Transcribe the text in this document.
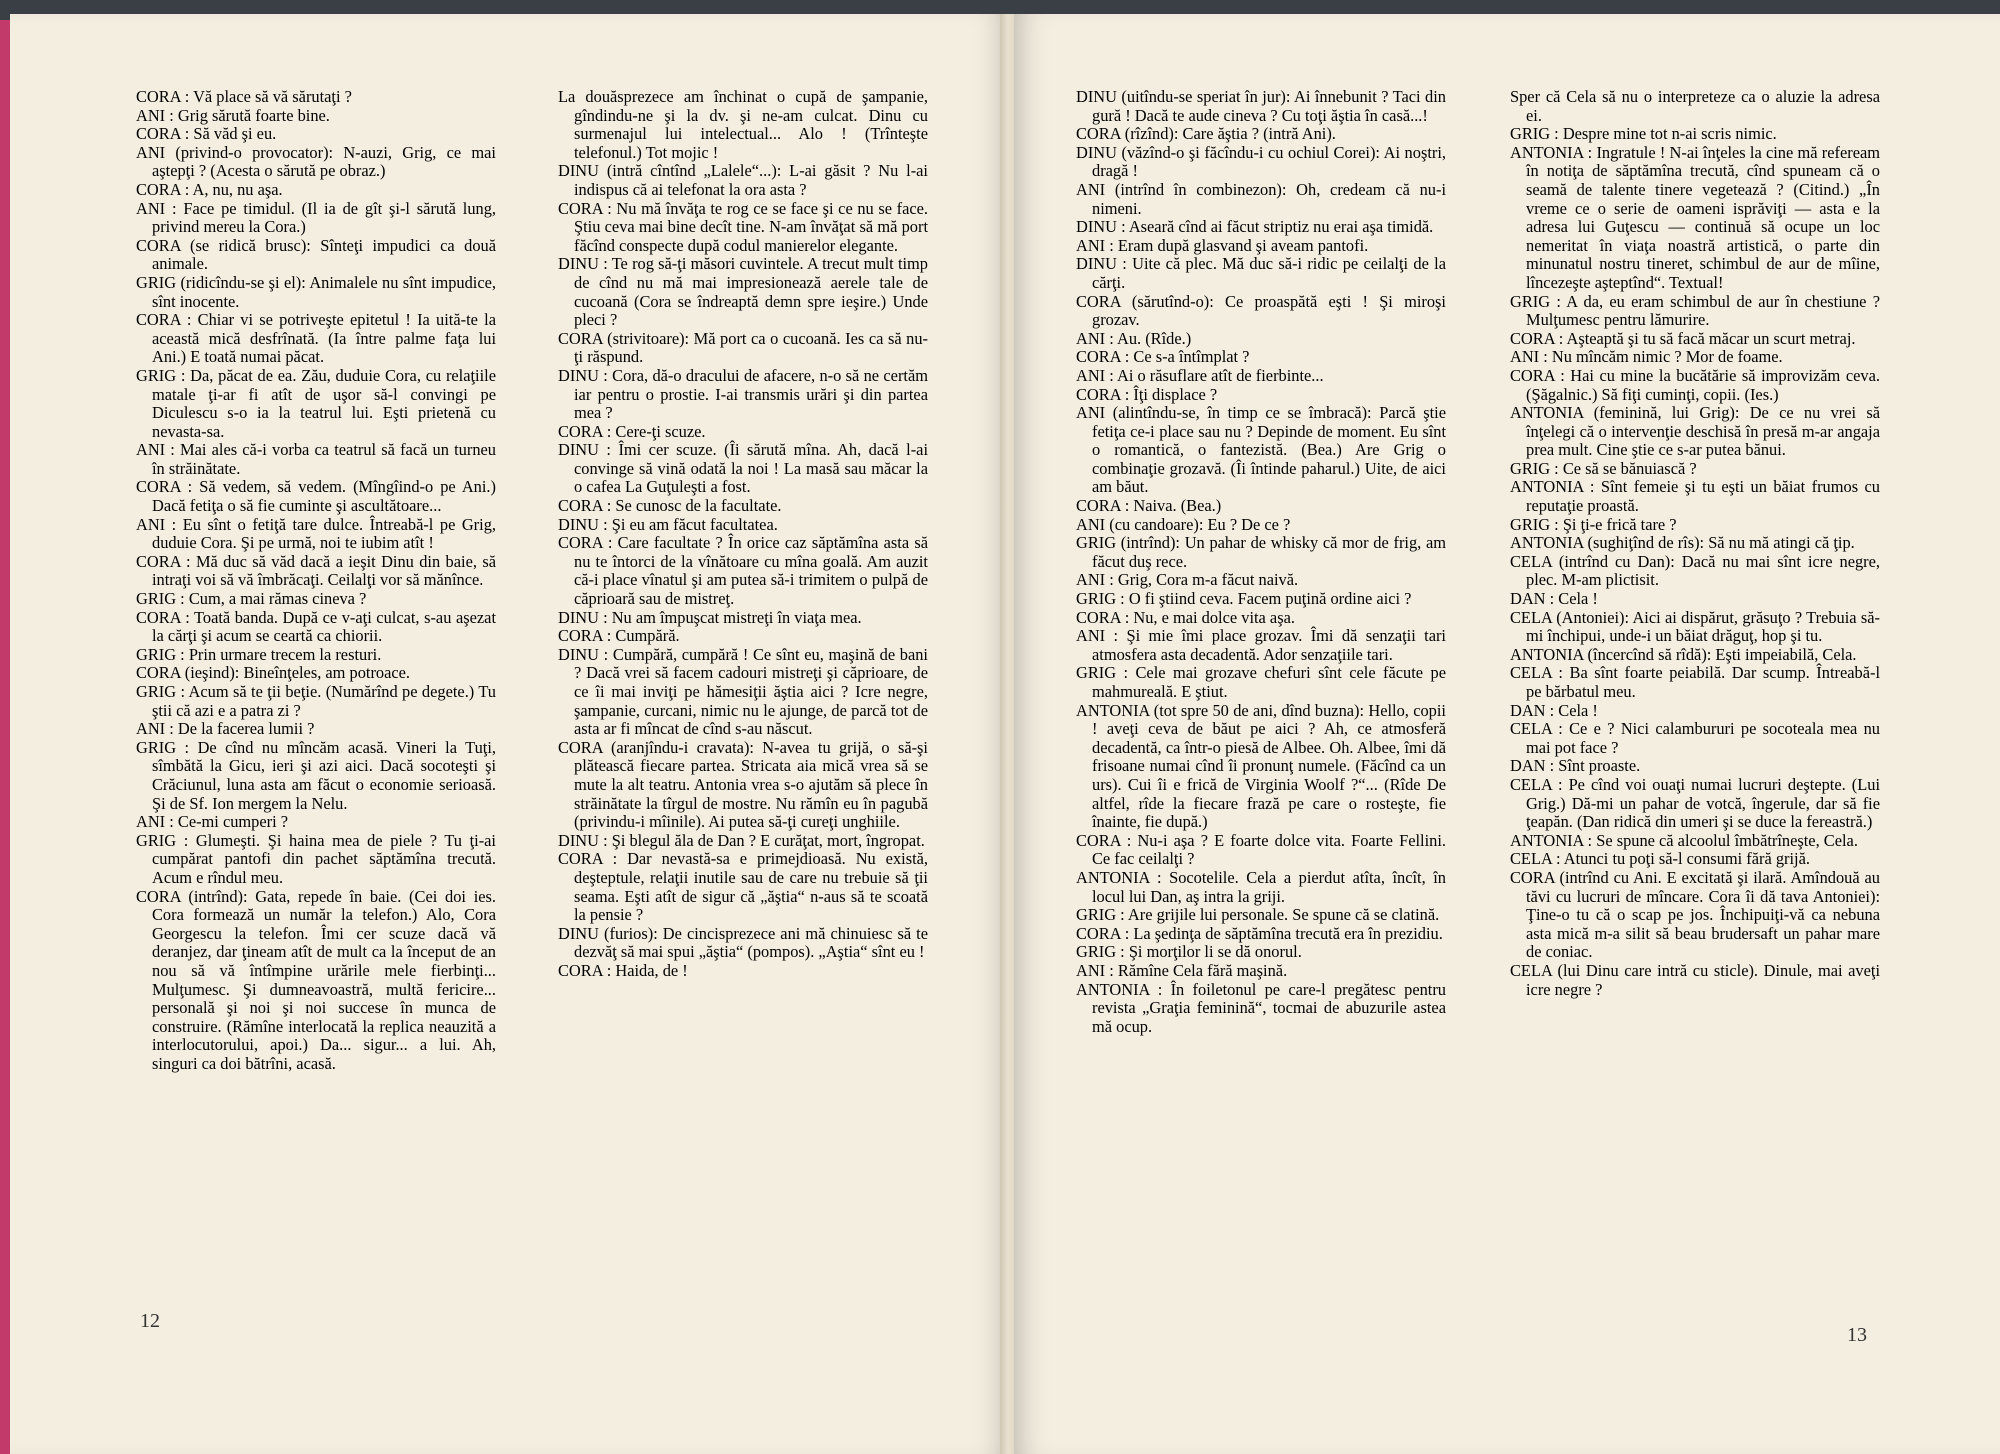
CORA : Vă place să vă sărutaţi ?

ANI : Grig sărută foarte bine.

CORA : Să văd şi eu.

ANI (privind-o provocator): N-auzi, Grig, ce mai aştepţi ? (Acesta o sărută pe obraz.)

CORA : A, nu, nu aşa.

ANI : Face pe timidul. (Il ia de gît şi-l sărută lung, privind mereu la Cora.)

CORA (se ridică brusc): Sînteţi impudici ca două animale.

GRIG (ridicîndu-se şi el): Animalele nu sînt impudice, sînt inocente.

CORA : Chiar vi se potriveşte epitetul ! Ia uită-te la această mică desfrînată. (Ia între palme faţa lui Ani.) E toată numai păcat.

GRIG : Da, păcat de ea. Zău, duduie Cora, cu relaţiile matale ţi-ar fi atît de uşor să-l convingi pe Diculescu s-o ia la teatrul lui. Eşti prietenă cu nevasta-sa.

ANI : Mai ales că-i vorba ca teatrul să facă un turneu în străinătate.

CORA : Să vedem, să vedem. (Mîngîind-o pe Ani.) Dacă fetiţa o să fie cuminte şi ascultătoare...

ANI : Eu sînt o fetiţă tare dulce. Întreabă-l pe Grig, duduie Cora. Şi pe urmă, noi te iubim atît !

CORA : Mă duc să văd dacă a ieşit Dinu din baie, să intraţi voi să vă îmbrăcaţi. Ceilalţi vor să mănînce.

GRIG : Cum, a mai rămas cineva ?

CORA : Toată banda. După ce v-aţi culcat, s-au aşezat la cărţi şi acum se ceartă ca chiorii.

GRIG : Prin urmare trecem la resturi.

CORA (ieşind): Bineînţeles, am potroace.

GRIG : Acum să te ţii beţie. (Numărînd pe degete.) Tu ştii că azi e a patra zi ?

ANI : De la facerea lumii ?

GRIG : De cînd nu mîncăm acasă. Vineri la Tuţi, sîmbătă la Gicu, ieri şi azi aici. Dacă socoteşti şi Crăciunul, luna asta am făcut o economie serioasă. Şi de Sf. Ion mergem la Nelu.

ANI : Ce-mi cumperi ?

GRIG : Glumeşti. Şi haina mea de piele ? Tu ţi-ai cumpărat pantofi din pachet săptămîna trecută. Acum e rîndul meu.

CORA (intrînd): Gata, repede în baie. (Cei doi ies. Cora formează un număr la telefon.) Alo, Cora Georgescu la telefon. Îmi cer scuze dacă vă deranjez, dar ţineam atît de mult ca la început de an nou să vă întîmpine urările mele fierbinţi... Mulţumesc. Şi dumneavoastră, multă fericire... personală şi noi şi noi succese în munca de construire. (Rămîne interlocată la replica neauzită a interlocutorului, apoi.) Da... sigur... a lui. Ah, singuri ca doi bătrîni, acasă.

La douăsprezece am închinat o cupă de şampanie, gîndindu-ne şi la dv. şi ne-am culcat. Dinu cu surmenajul lui intelectual... Alo ! (Trînteşte telefonul.) Tot mojic !

DINU (intră cîntînd „Lalele“...): L-ai găsit ? Nu l-ai indispus că ai telefonat la ora asta ?

CORA : Nu mă învăţa te rog ce se face şi ce nu se face. Ştiu ceva mai bine decît tine. N-am învăţat să mă port făcînd conspecte după codul manierelor elegante.

DINU : Te rog să-ţi măsori cuvintele. A trecut mult timp de cînd nu mă mai impresionează aerele tale de cucoană (Cora se îndreaptă demn spre ieşire.) Unde pleci ?

CORA (strivitoare): Mă port ca o cucoană. Ies ca să nu-ţi răspund.

DINU : Cora, dă-o dracului de afacere, n-o să ne certăm iar pentru o prostie. I-ai transmis urări şi din partea mea ?

CORA : Cere-ţi scuze.

DINU : Îmi cer scuze. (Îi sărută mîna. Ah, dacă l-ai convinge să vină odată la noi ! La masă sau măcar la o cafea La Guţuleşti a fost.

CORA : Se cunosc de la facultate.

DINU : Şi eu am făcut facultatea.

CORA : Care facultate ? În orice caz săptămîna asta să nu te întorci de la vînătoare cu mîna goală. Am auzit că-i place vînatul şi am putea să-i trimitem o pulpă de căprioară sau de mistreţ.

DINU : Nu am împuşcat mistreţi în viaţa mea.

CORA : Cumpără.

DINU : Cumpără, cumpără ! Ce sînt eu, maşină de bani ? Dacă vrei să facem cadouri mistreţi şi căprioare, de ce îi mai inviţi pe hămesiţii ăştia aici ? Icre negre, şampanie, curcani, nimic nu le ajunge, de parcă tot de asta ar fi mîncat de cînd s-au născut.

CORA (aranjîndu-i cravata): N-avea tu grijă, o să-şi plătească fiecare partea. Stricata aia mică vrea să se mute la alt teatru. Antonia vrea s-o ajutăm să plece în străinătate la tîrgul de mostre. Nu rămîn eu în pagubă (privindu-i mîinile). Ai putea să-ţi cureţi unghiile.

DINU : Şi blegul ăla de Dan ? E curăţat, mort, îngropat.

CORA : Dar nevastă-sa e primejdioasă. Nu există, deşteptule, relaţii inutile sau de care nu trebuie să ţii seama. Eşti atît de sigur că „ăştia“ n-aus să te scoată la pensie ?

DINU (furios): De cincisprezece ani mă chinuiesc să te dezvăţ să mai spui „ăştia“ (pompos). „Aştia“ sînt eu !

CORA : Haida, de !

DINU (uitîndu-se speriat în jur): Ai înnebunit ? Taci din gură ! Dacă te aude cineva ? Cu toţi ăştia în casă...!

CORA (rîzînd): Care ăştia ? (intră Ani).

DINU (văzînd-o şi făcîndu-i cu ochiul Corei): Ai noştri, dragă !

ANI (intrînd în combinezon): Oh, credeam că nu-i nimeni.

DINU : Aseară cînd ai făcut striptiz nu erai aşa timidă.

ANI : Eram după glasvand şi aveam pantofi.

DINU : Uite că plec. Mă duc să-i ridic pe ceilalţi de la cărţi.

CORA (sărutînd-o): Ce proaspătă eşti ! Şi miroşi grozav.

ANI : Au. (Rîde.)

CORA : Ce s-a întîmplat ?

ANI : Ai o răsuflare atît de fierbinte...

CORA : Îţi displace ?

ANI (alintîndu-se, în timp ce se îmbracă): Parcă ştie fetiţa ce-i place sau nu ? Depinde de moment. Eu sînt o romantică, o fantezistă. (Bea.) Are Grig o combinaţie grozavă. (Îi întinde paharul.) Uite, de aici am băut.

CORA : Naiva. (Bea.)

ANI (cu candoare): Eu ? De ce ?

GRIG (intrînd): Un pahar de whisky că mor de frig, am făcut duş rece.

ANI : Grig, Cora m-a făcut naivă.

GRIG : O fi ştiind ceva. Facem puţină ordine aici ?

CORA : Nu, e mai dolce vita aşa.

ANI : Şi mie îmi place grozav. Îmi dă senzaţii tari atmosfera asta decadentă. Ador senzaţiile tari.

GRIG : Cele mai grozave chefuri sînt cele făcute pe mahmureală. E ştiut.

ANTONIA (tot spre 50 de ani, dînd buzna): Hello, copii ! aveţi ceva de băut pe aici ? Ah, ce atmosferă decadentă, ca într-o piesă de Albee. Oh. Albee, îmi dă frisoane numai cînd îi pronunţ numele. (Făcînd ca un urs). Cui îi e frică de Virginia Woolf ?“... (Rîde De altfel, rîde la fiecare frază pe care o rosteşte, fie înainte, fie după.)

CORA : Nu-i aşa ? E foarte dolce vita. Foarte Fellini. Ce fac ceilalţi ?

ANTONIA : Socotelile. Cela a pierdut atîta, încît, în locul lui Dan, aş intra la griji.

GRIG : Are grijile lui personale. Se spune că se clatină.

CORA : La şedinţa de săptămîna trecută era în prezidiu.

GRIG : Şi morţilor li se dă onorul.

ANI : Rămîne Cela fără maşină.

ANTONIA : În foiletonul pe care-l pregătesc pentru revista „Graţia feminină“, tocmai de abuzurile astea mă ocup.

Sper că Cela să nu o interpreteze ca o aluzie la adresa ei.

GRIG : Despre mine tot n-ai scris nimic.

ANTONIA : Ingratule ! N-ai înţeles la cine mă refeream în notiţa de săptămîna trecută, cînd spuneam că o seamă de talente tinere vegetează ? (Citind.) „În vreme ce o serie de oameni isprăviţi — asta e la adresa lui Guţescu — continuă să ocupe un loc nemeritat în viaţa noastră artistică, o parte din minunatul nostru tineret, schimbul de aur de mîine, lîncezeşte aşteptînd“. Textual!

GRIG : A da, eu eram schimbul de aur în chestiune ? Mulţumesc pentru lămurire.

CORA : Aşteaptă şi tu să facă măcar un scurt metraj.

ANI : Nu mîncăm nimic ? Mor de foame.

CORA : Hai cu mine la bucătărie să improvizăm ceva. (Şăgalnic.) Să fiţi cuminţi, copii. (Ies.)

ANTONIA (feminină, lui Grig): De ce nu vrei să înţelegi că o intervenţie deschisă în presă m-ar angaja prea mult. Cine ştie ce s-ar putea bănui.

GRIG : Ce să se bănuiască ?

ANTONIA : Sînt femeie şi tu eşti un băiat frumos cu reputaţie proastă.

GRIG : Şi ţi-e frică tare ?

ANTONIA (sughiţînd de rîs): Să nu mă atingi că ţip.

CELA (intrînd cu Dan): Dacă nu mai sînt icre negre, plec. M-am plictisit.

DAN : Cela !

CELA (Antoniei): Aici ai dispărut, grăsuţo ? Trebuia să-mi închipui, unde-i un băiat drăguţ, hop şi tu.

ANTONIA (încercînd să rîdă): Eşti impeiabilă, Cela.

CELA : Ba sînt foarte peiabilă. Dar scump. Întreabă-l pe bărbatul meu.

DAN : Cela !

CELA : Ce e ? Nici calambururi pe socoteala mea nu mai pot face ?

DAN : Sînt proaste.

CELA : Pe cînd voi ouaţi numai lucruri deştepte. (Lui Grig.) Dă-mi un pahar de votcă, îngerule, dar să fie ţeapăn. (Dan ridică din umeri şi se duce la fereastră.)

ANTONIA : Se spune că alcoolul îmbătrîneşte, Cela.

CELA : Atunci tu poţi să-l consumi fără grijă.

CORA (intrînd cu Ani. E excitată şi ilară. Amîndouă au tăvi cu lucruri de mîncare. Cora îi dă tava Antoniei): Ţine-o tu că o scap pe jos. Închipuiţi-vă ca nebuna asta mică m-a silit să beau brudersaft un pahar mare de coniac.

CELA (lui Dinu care intră cu sticle). Dinule, mai aveţi icre negre ?

12
13
